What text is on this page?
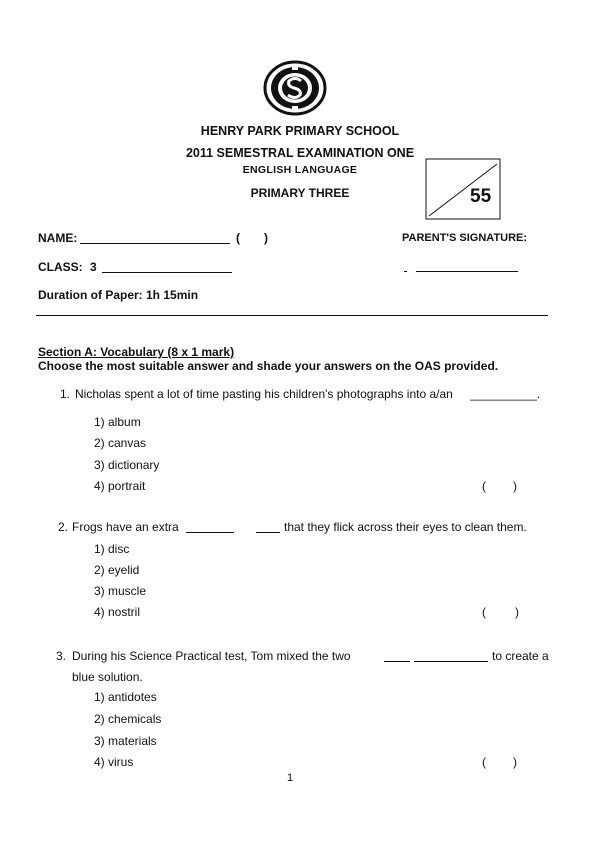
HENRY PARK PRIMARY SCHOOL
2011 SEMESTRAL EXAMINATION ONE
ENGLISH LANGUAGE
PRIMARY THREE	55
NAME:	( )	PARENT'S SIGNATURE:
CLASS: 3
Duration of Paper: 1h 15min
Section A: Vocabulary (8 x 1 mark)
Choose the most suitable answer and shade your answers on the OAS provided.
1. Nicholas spent a lot of time pasting his children's photographs into a/an __________.
1) album
2) canvas
3) dictionary
4) portrait	( )
2. Frogs have an extra	that they flick across their eyes to clean them.
1) disc
2) eyelid
3) muscle
4) nostril	( )
3. During his Science Practical test, Tom mixed the two	to create a
blue solution.
1) antidotes
2) chemicals
3) materials
4) virus	( )
1
